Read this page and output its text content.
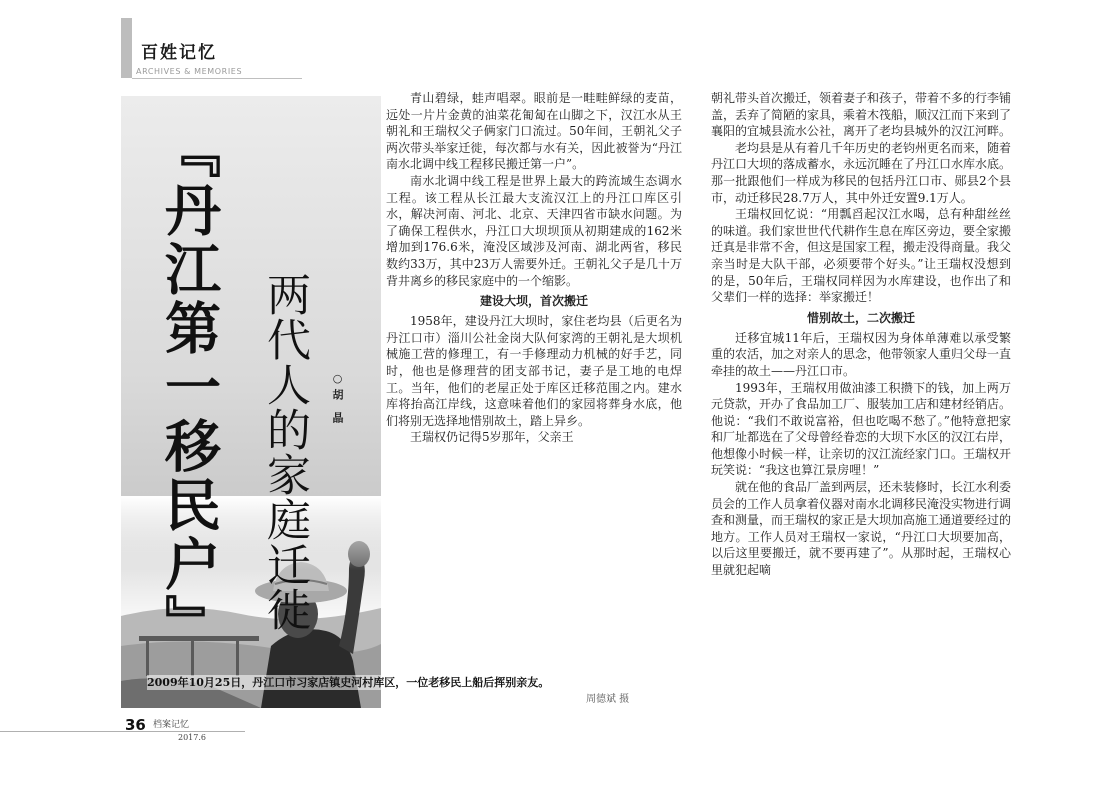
百姓记忆
ARCHIVES & MEMORIES
『丹江第一移民户』 两代人的家庭迁徙 ○胡 晶
2009年10月25日，丹江口市习家店镇史河村库区，一位老移民上船后挥别亲友。
周德斌 摄

青山碧绿，蛙声唱翠。眼前是一畦畦鲜绿的麦苗，远处一片片金黄的油菜花匍匐在山脚之下，汉江水从王朝礼和王瑞权父子俩家门口流过。50年间，王朝礼父子两次带头举家迁徙，每次都与水有关，因此被誉为“丹江南水北调中线工程移民搬迁第一户”。

南水北调中线工程是世界上最大的跨流域生态调水工程。该工程从长江最大支流汉江上的丹江口库区引水，解决河南、河北、北京、天津四省市缺水问题。为了确保工程供水，丹江口大坝坝顶从初期建成的162米增加到176.6米，淹没区域涉及河南、湖北两省，移民数约33万，其中23万人需要外迁。王朝礼父子是几十万背井离乡的移民家庭中的一个缩影。

建设大坝，首次搬迁

1958年，建设丹江大坝时，家住老均县（后更名为丹江口市）淄川公社金岗大队何家湾的王朝礼是大坝机械施工营的修理工，有一手修理动力机械的好手艺，同时，他也是修理营的团支部书记，妻子是工地的电焊工。当年，他们的老屋正处于库区迁移范围之内。建水库将抬高江岸线，这意味着他们的家园将葬身水底，他们将别无选择地惜别故土，踏上异乡。

王瑞权仍记得5岁那年，父亲王

朝礼带头首次搬迁，领着妻子和孩子，带着不多的行李铺盖，丢弃了简陋的家具，乘着木筏船，顺汉江而下来到了襄阳的宜城县流水公社，离开了老均县城外的汉江河畔。

老均县是从有着几千年历史的老钧州更名而来，随着丹江口大坝的落成蓄水，永远沉睡在了丹江口水库水底。那一批跟他们一样成为移民的包括丹江口市、郧县2个县市，动迁移民28.7万人，其中外迁安置9.1万人。

王瑞权回忆说：“用瓢舀起汉江水喝，总有种甜丝丝的味道。我们家世世代代耕作生息在库区旁边，要全家搬迁真是非常不舍，但这是国家工程，搬走没得商量。我父亲当时是大队干部，必须要带个好头。”让王瑞权没想到的是，50年后，王瑞权同样因为水库建设，也作出了和父辈们一样的选择：举家搬迁！

惜别故土，二次搬迁

迁移宜城11年后，王瑞权因为身体单薄难以承受繁重的农活，加之对亲人的思念，他带领家人重归父母一直牵挂的故土——丹江口市。

1993年，王瑞权用做油漆工积攒下的钱，加上两万元贷款，开办了食品加工厂、服装加工店和建材经销店。他说：“我们不敢说富裕，但也吃喝不愁了。”他特意把家和厂址都选在了父母曾经眷恋的大坝下水区的汉江右岸，他想像小时候一样，让亲切的汉江流经家门口。王瑞权开玩笑说：“我这也算江景房哩！”

就在他的食品厂盖到两层，还未装修时，长江水利委员会的工作人员拿着仪器对南水北调移民淹没实物进行调查和测量，而王瑞权的家正是大坝加高施工通道要经过的地方。工作人员对王瑞权一家说，“丹江口大坝要加高，以后这里要搬迁，就不要再建了”。从那时起，王瑞权心里就犯起嘀

36 档案记忆
2017.6
